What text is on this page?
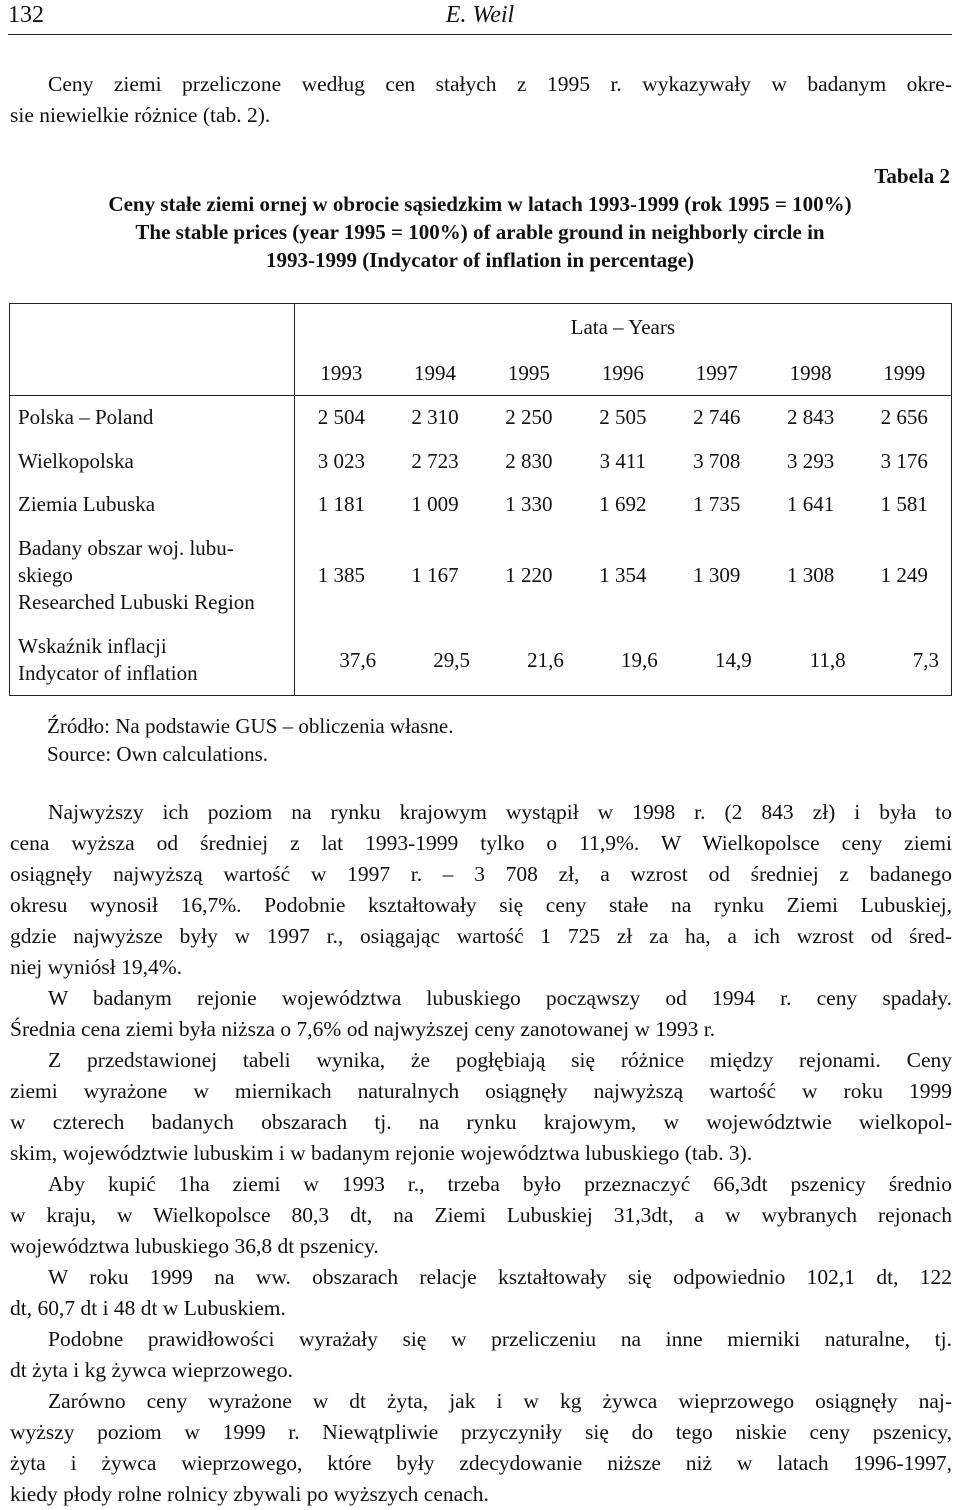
132	E. Weil
Ceny ziemi przeliczone według cen stałych z 1995 r. wykazywały w badanym okre-
sie niewielkie różnice (tab. 2).
Tabela 2
Ceny stałe ziemi ornej w obrocie sąsiedzkim w latach 1993-1999 (rok 1995 = 100%)
The stable prices (year 1995 = 100%) of arable ground in neighborly circle in
1993-1999 (Indycator of inflation in percentage)
	Lata – Years						
	1993	1994	1995	1996	1997	1998	1999
Polska – Poland	2 504	2 310	2 250	2 505	2 746	2 843	2 656
Wielkopolska	3 023	2 723	2 830	3 411	3 708	3 293	3 176
Ziemia Lubuska	1 181	1 009	1 330	1 692	1 735	1 641	1 581

Badany obszar woj. lubu-
skiego
Researched Lubuski Region	1 385	1 167	1 220	1 354	1 309	1 308	1 249

Wskaźnik inflacji
Indycator of inflation	37,6	29,5	21,6	19,6	14,9	11,8	7,3
Źródło: Na podstawie GUS – obliczenia własne.
Source: Own calculations.
Najwyższy ich poziom na rynku krajowym wystąpił w 1998 r. (2 843 zł) i była to
cena wyższa od średniej z lat 1993-1999 tylko o 11,9%. W Wielkopolsce ceny ziemi
osiągnęły najwyższą wartość w 1997 r. – 3 708 zł, a wzrost od średniej z badanego
okresu wynosił 16,7%. Podobnie kształtowały się ceny stałe na rynku Ziemi Lubuskiej,
gdzie najwyższe były w 1997 r., osiągając wartość 1 725 zł za ha, a ich wzrost od śred-
niej wyniósł 19,4%.
W badanym rejonie województwa lubuskiego począwszy od 1994 r. ceny spadały.
Średnia cena ziemi była niższa o 7,6% od najwyższej ceny zanotowanej w 1993 r.
Z przedstawionej tabeli wynika, że pogłębiają się różnice między rejonami. Ceny
ziemi wyrażone w miernikach naturalnych osiągnęły najwyższą wartość w roku 1999
w czterech badanych obszarach tj. na rynku krajowym, w województwie wielkopol-
skim, województwie lubuskim i w badanym rejonie województwa lubuskiego (tab. 3).
Aby kupić 1ha ziemi w 1993 r., trzeba było przeznaczyć 66,3dt pszenicy średnio
w kraju, w Wielkopolsce 80,3 dt, na Ziemi Lubuskiej 31,3dt, a w wybranych rejonach
województwa lubuskiego 36,8 dt pszenicy.
W roku 1999 na ww. obszarach relacje kształtowały się odpowiednio 102,1 dt, 122
dt, 60,7 dt i 48 dt w Lubuskiem.
Podobne prawidłowości wyrażały się w przeliczeniu na inne mierniki naturalne, tj.
dt żyta i kg żywca wieprzowego.
Zarówno ceny wyrażone w dt żyta, jak i w kg żywca wieprzowego osiągnęły naj-
wyższy poziom w 1999 r. Niewątpliwie przyczyniły się do tego niskie ceny pszenicy,
żyta i żywca wieprzowego, które były zdecydowanie niższe niż w latach 1996-1997,
kiedy płody rolne rolnicy zbywali po wyższych cenach.
